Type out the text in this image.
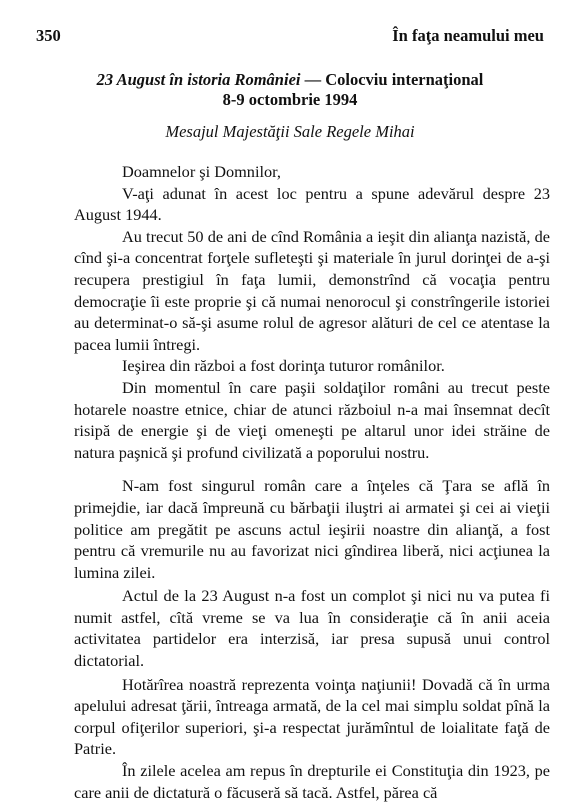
350	În faţa neamului meu
23 August în istoria României — Colocviu internaţional
8-9 octombrie 1994
Mesajul Majestăţii Sale Regele Mihai

Doamnelor şi Domnilor,

V-aţi adunat în acest loc pentru a spune adevărul despre 23 August 1944.

Au trecut 50 de ani de cînd România a ieşit din alianţa nazistă, de cînd şi-a concentrat forţele sufleteşti şi materiale în jurul dorinţei de a-şi recupera prestigiul în faţa lumii, demonstrînd că vocaţia pentru democraţie îi este proprie şi că numai nenorocul şi constrîngerile istoriei au determinat-o să-şi asume rolul de agresor alături de cel ce atentase la pacea lumii întregi.

Ieşirea din război a fost dorinţa tuturor românilor.

Din momentul în care paşii soldaţilor români au trecut peste hotarele noastre etnice, chiar de atunci războiul n-a mai însemnat decît risipă de energie şi de vieţi omeneşti pe altarul unor idei străine de natura paşnică şi profund civilizată a poporului nostru.

N-am fost singurul român care a înţeles că Ţara se află în primejdie, iar dacă împreună cu bărbaţii iluştri ai armatei şi cei ai vieţii politice am pregătit pe ascuns actul ieşirii noastre din alianţă, a fost pentru că vremurile nu au favorizat nici gîndirea liberă, nici acţiunea la lumina zilei.

Actul de la 23 August n-a fost un complot şi nici nu va putea fi numit astfel, cîtă vreme se va lua în consideraţie că în anii aceia activitatea partidelor era interzisă, iar presa supusă unui control dictatorial.

Hotărîrea noastră reprezenta voinţa naţiunii! Dovadă că în urma apelului adresat ţării, întreaga armată, de la cel mai simplu soldat pînă la corpul ofiţerilor superiori, şi-a respectat jurămîntul de loialitate faţă de Patrie.

În zilele acelea am repus în drepturile ei Constituţia din 1923, pe care anii de dictatură o făcuseră să tacă. Astfel, părea că
